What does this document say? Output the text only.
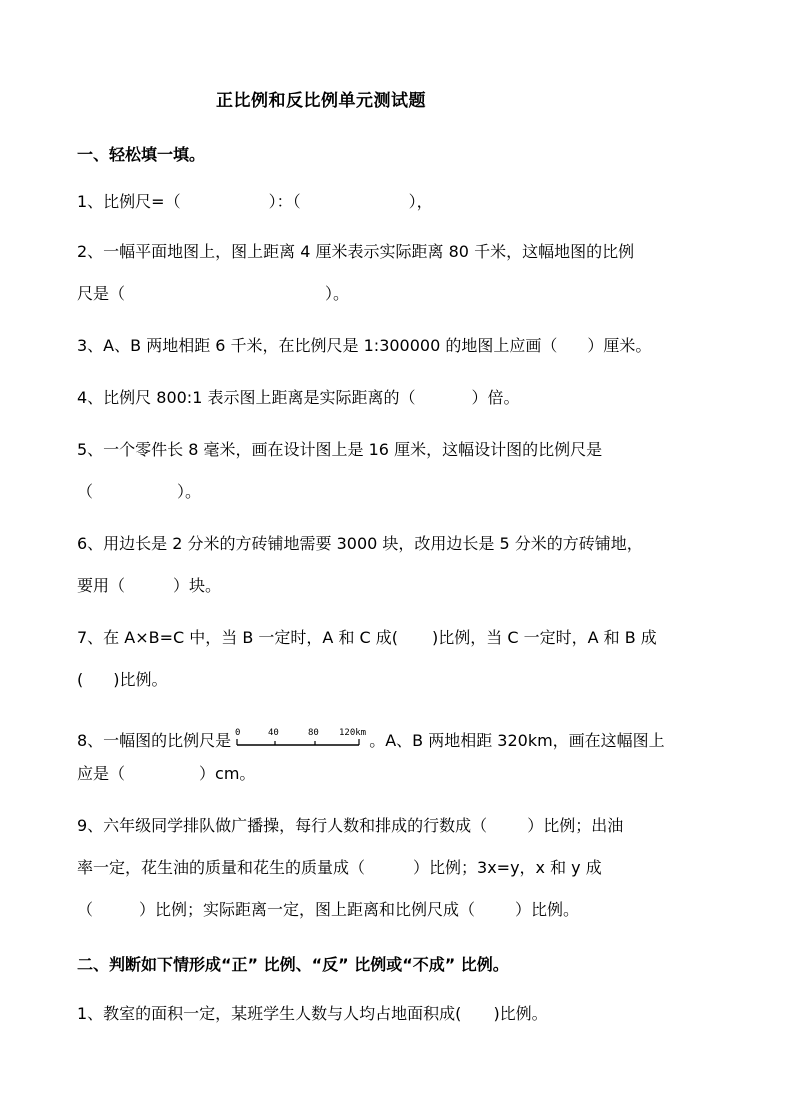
正比例和反比例单元测试题
一、轻松填一填。
1、比例尺=（	）：（	），
2、一幅平面地图上，图上距离 4 厘米表示实际距离 80 千米，这幅地图的比例
尺是（	）。
3、A、B 两地相距 6 千米，在比例尺是 1:300000 的地图上应画（ ）厘米。
4、比例尺 800:1 表示图上距离是实际距离的（	）倍。
5、一个零件长 8 毫米，画在设计图上是 16 厘米，这幅设计图的比例尺是
（	）。
6、用边长是 2 分米的方砖铺地需要 3000 块，改用边长是 5 分米的方砖铺地，
要用（	）块。
7、在 A×B=C 中，当 B 一定时，A 和 C 成( )比例，当 C 一定时，A 和 B 成
( )比例。
8、一幅图的比例尺是 0	40	80 120km 。A、B 两地相距 320km，画在这幅图上
应是（	）cm。
9、六年级同学排队做广播操，每行人数和排成的行数成（	）比例；出油
率一定，花生油的质量和花生的质量成（	）比例；3x=y，x 和 y 成
（	）比例；实际距离一定，图上距离和比例尺成（	）比例。
二、判断如下情形成“正” 比例、“反” 比例或“不成” 比例。
1、教室的面积一定，某班学生人数与人均占地面积成( )比例。
